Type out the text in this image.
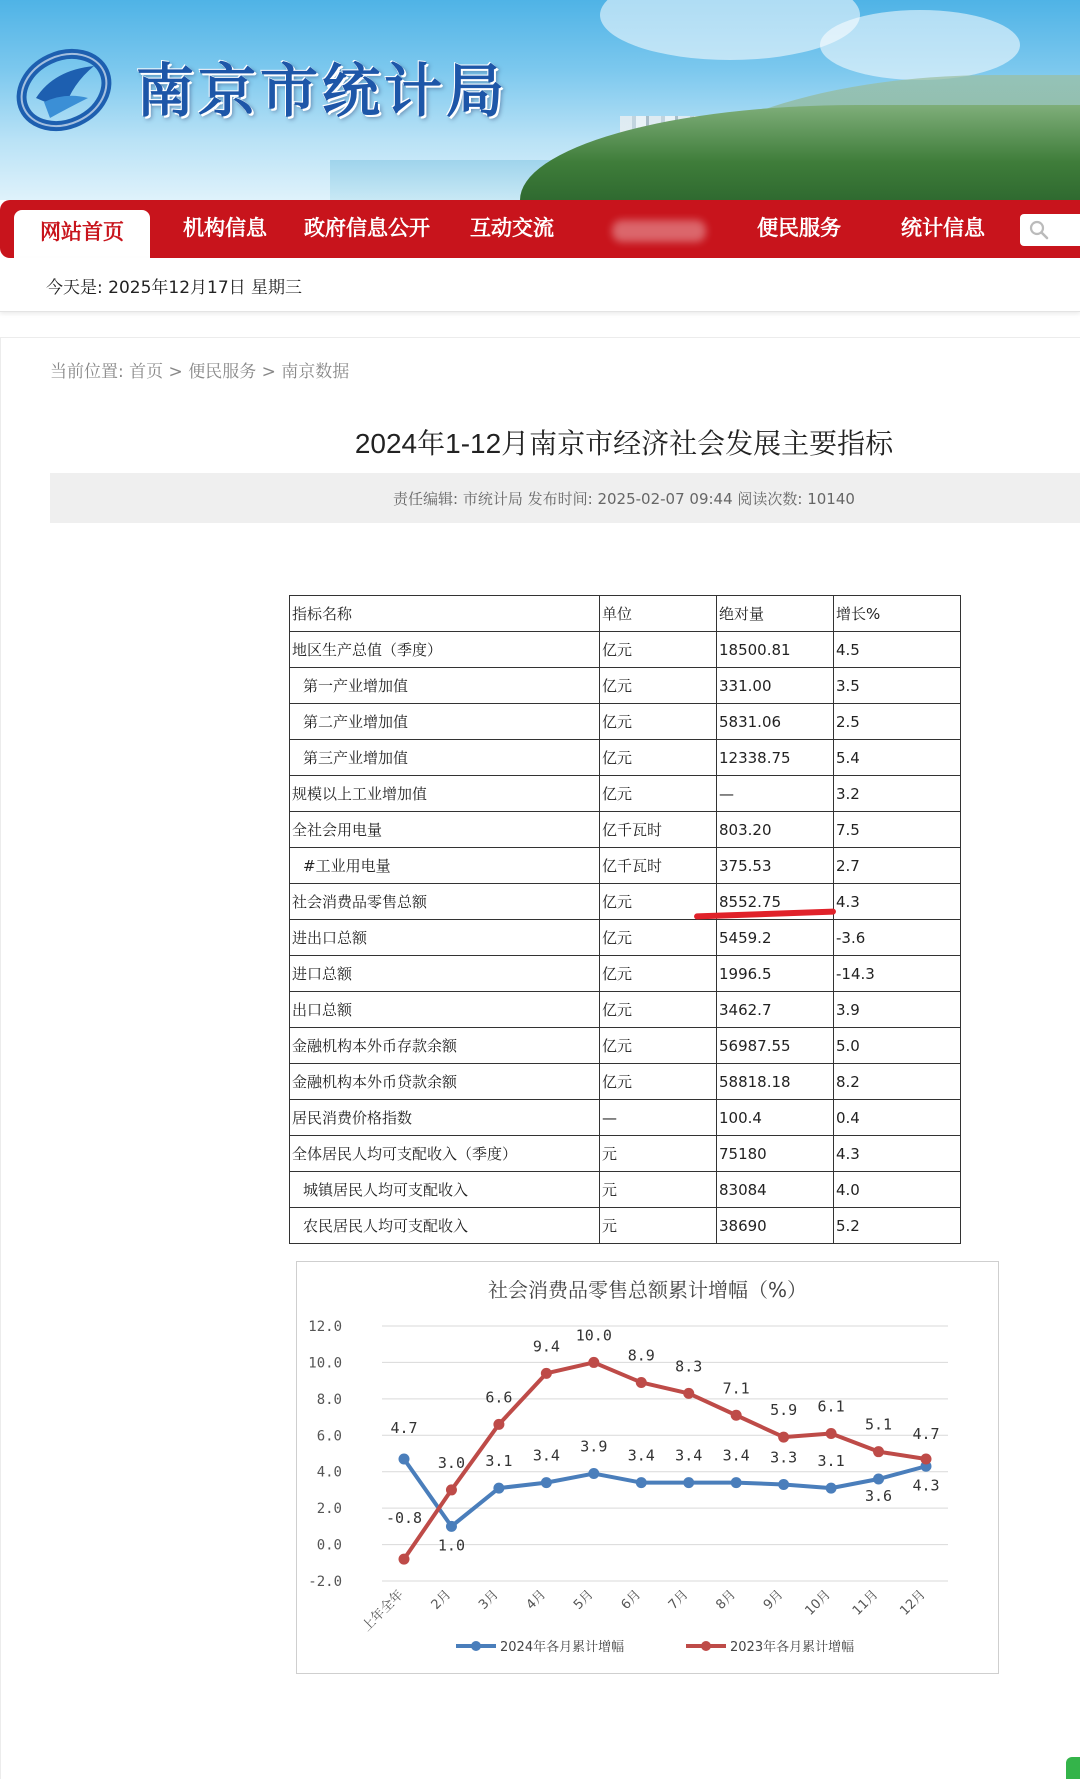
南京市统计局
网站首页	机构信息 政府信息公开 互动交流	便民服务	统计信息
今天是: 2025年12月17日 星期三
当前位置: 首页 > 便民服务 > 南京数据
2024年1-12月南京市经济社会发展主要指标
责任编辑: 市统计局 发布时间: 2025-02-07 09:44 阅读次数: 10140
指标名称	单位	绝对量	增长%
地区生产总值（季度）	亿元	18500.81	4.5
第一产业增加值	亿元	331.00	3.5
第二产业增加值	亿元	5831.06	2.5
第三产业增加值	亿元	12338.75	5.4
规模以上工业增加值	亿元	—	3.2
全社会用电量	亿千瓦时	803.20	7.5
#工业用电量	亿千瓦时	375.53	2.7
社会消费品零售总额	亿元	8552.75	4.3
进出口总额	亿元	5459.2	-3.6
进口总额	亿元	1996.5	-14.3
出口总额	亿元	3462.7	3.9
金融机构本外币存款余额	亿元	56987.55	5.0
金融机构本外币贷款余额	亿元	58818.18	8.2
居民消费价格指数	—	100.4	0.4
全体居民人均可支配收入（季度）	元	75180	4.3
城镇居民人均可支配收入	元	83084	4.0
农民居民人均可支配收入	元	38690	5.2
社会消费品零售总额累计增幅（%）
12.0
10.0
8.0
6.0
4.0
2.0
0.0
-2.0
上年全年 2月 3月 4月 5月 6月 7月 8月 9月 10月 11月 12月
4.7
1.0
3.1 3.4
3.9
3.4 3.4 3.4 3.3 3.1
3.6
4.3
-0.8
3.0
6.6
9.4
10.0
8.9
8.3
7.1
5.9 6.1
5.1
4.7
2024年各月累计增幅	2023年各月累计增幅
